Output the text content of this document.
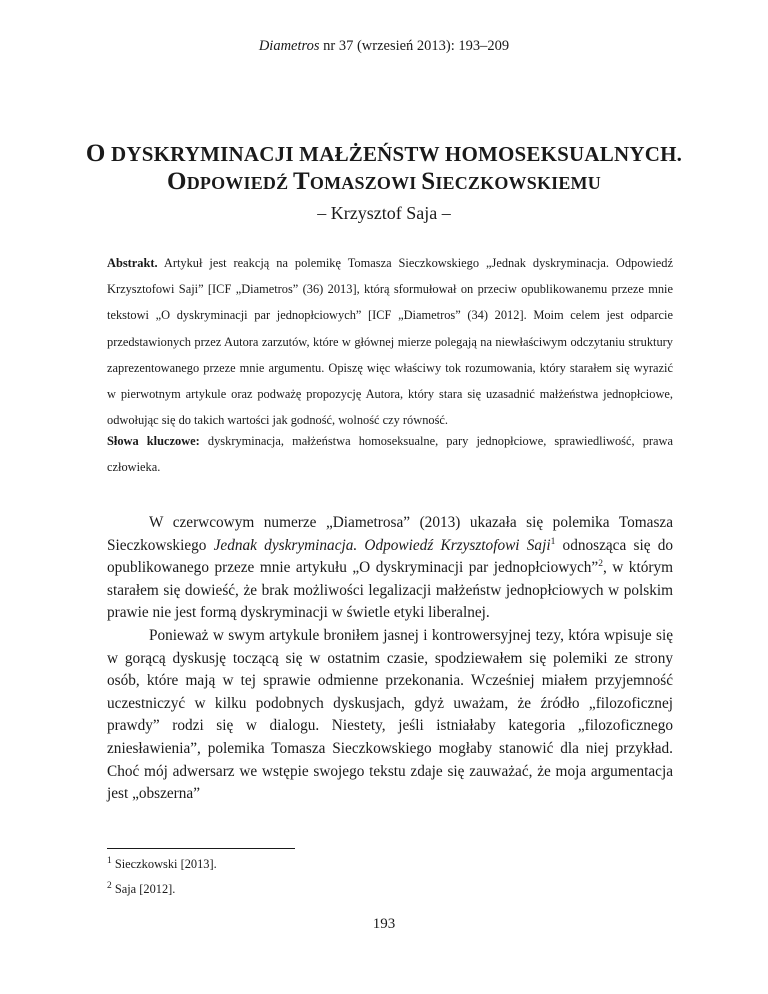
Diametros nr 37 (wrzesień 2013): 193–209
O DYSKRYMINACJI MAŁŻEŃSTW HOMOSEKSUALNYCH.
ODPOWIEDŹ TOMASZOWI SIECZKOWSKIEMU
– Krzysztof Saja –
Abstrakt. Artykuł jest reakcją na polemikę Tomasza Sieczkowskiego „Jednak dyskryminacja. Odpowiedź Krzysztofowi Saji” [ICF „Diametros” (36) 2013], którą sformułował on przeciw opublikowanemu przeze mnie tekstowi „O dyskryminacji par jednopłciowych” [ICF „Diametros” (34) 2012]. Moim celem jest odparcie przedstawionych przez Autora zarzutów, które w głównej mierze polegają na niewłaściwym odczytaniu struktury zaprezentowanego przeze mnie argumentu. Opiszę więc właściwy tok rozumowania, który starałem się wyrazić w pierwotnym artykule oraz podważę propozycję Autora, który stara się uzasadnić małżeństwa jednopłciowe, odwołując się do takich wartości jak godność, wolność czy równość.
Słowa kluczowe: dyskryminacja, małżeństwa homoseksualne, pary jednopłciowe, sprawiedliwość, prawa człowieka.

W czerwcowym numerze „Diametrosa” (2013) ukazała się polemika Tomasza Sieczkowskiego Jednak dyskryminacja. Odpowiedź Krzysztofowi Saji$^1$ odnosząca się do opublikowanego przeze mnie artykułu „O dyskryminacji par jednopłciowych”$^2$, w którym starałem się dowieść, że brak możliwości legalizacji małżeństw jednopłciowych w polskim prawie nie jest formą dyskryminacji w świetle etyki liberalnej.

Ponieważ w swym artykule broniłem jasnej i kontrowersyjnej tezy, która wpisuje się w gorącą dyskusję toczącą się w ostatnim czasie, spodziewałem się polemiki ze strony osób, które mają w tej sprawie odmienne przekonania. Wcześniej miałem przyjemność uczestniczyć w kilku podobnych dyskusjach, gdyż uważam, że źródło „filozoficznej prawdy” rodzi się w dialogu. Niestety, jeśli istniałaby kategoria „filozoficznego zniesławienia”, polemika Tomasza Sieczkowskiego mogłaby stanowić dla niej przykład. Choć mój adwersarz we wstępie swojego tekstu zdaje się zauważać, że moja argumentacja jest „obszerna”

$^1$ Sieczkowski [2013].
$^2$ Saja [2012].
193
